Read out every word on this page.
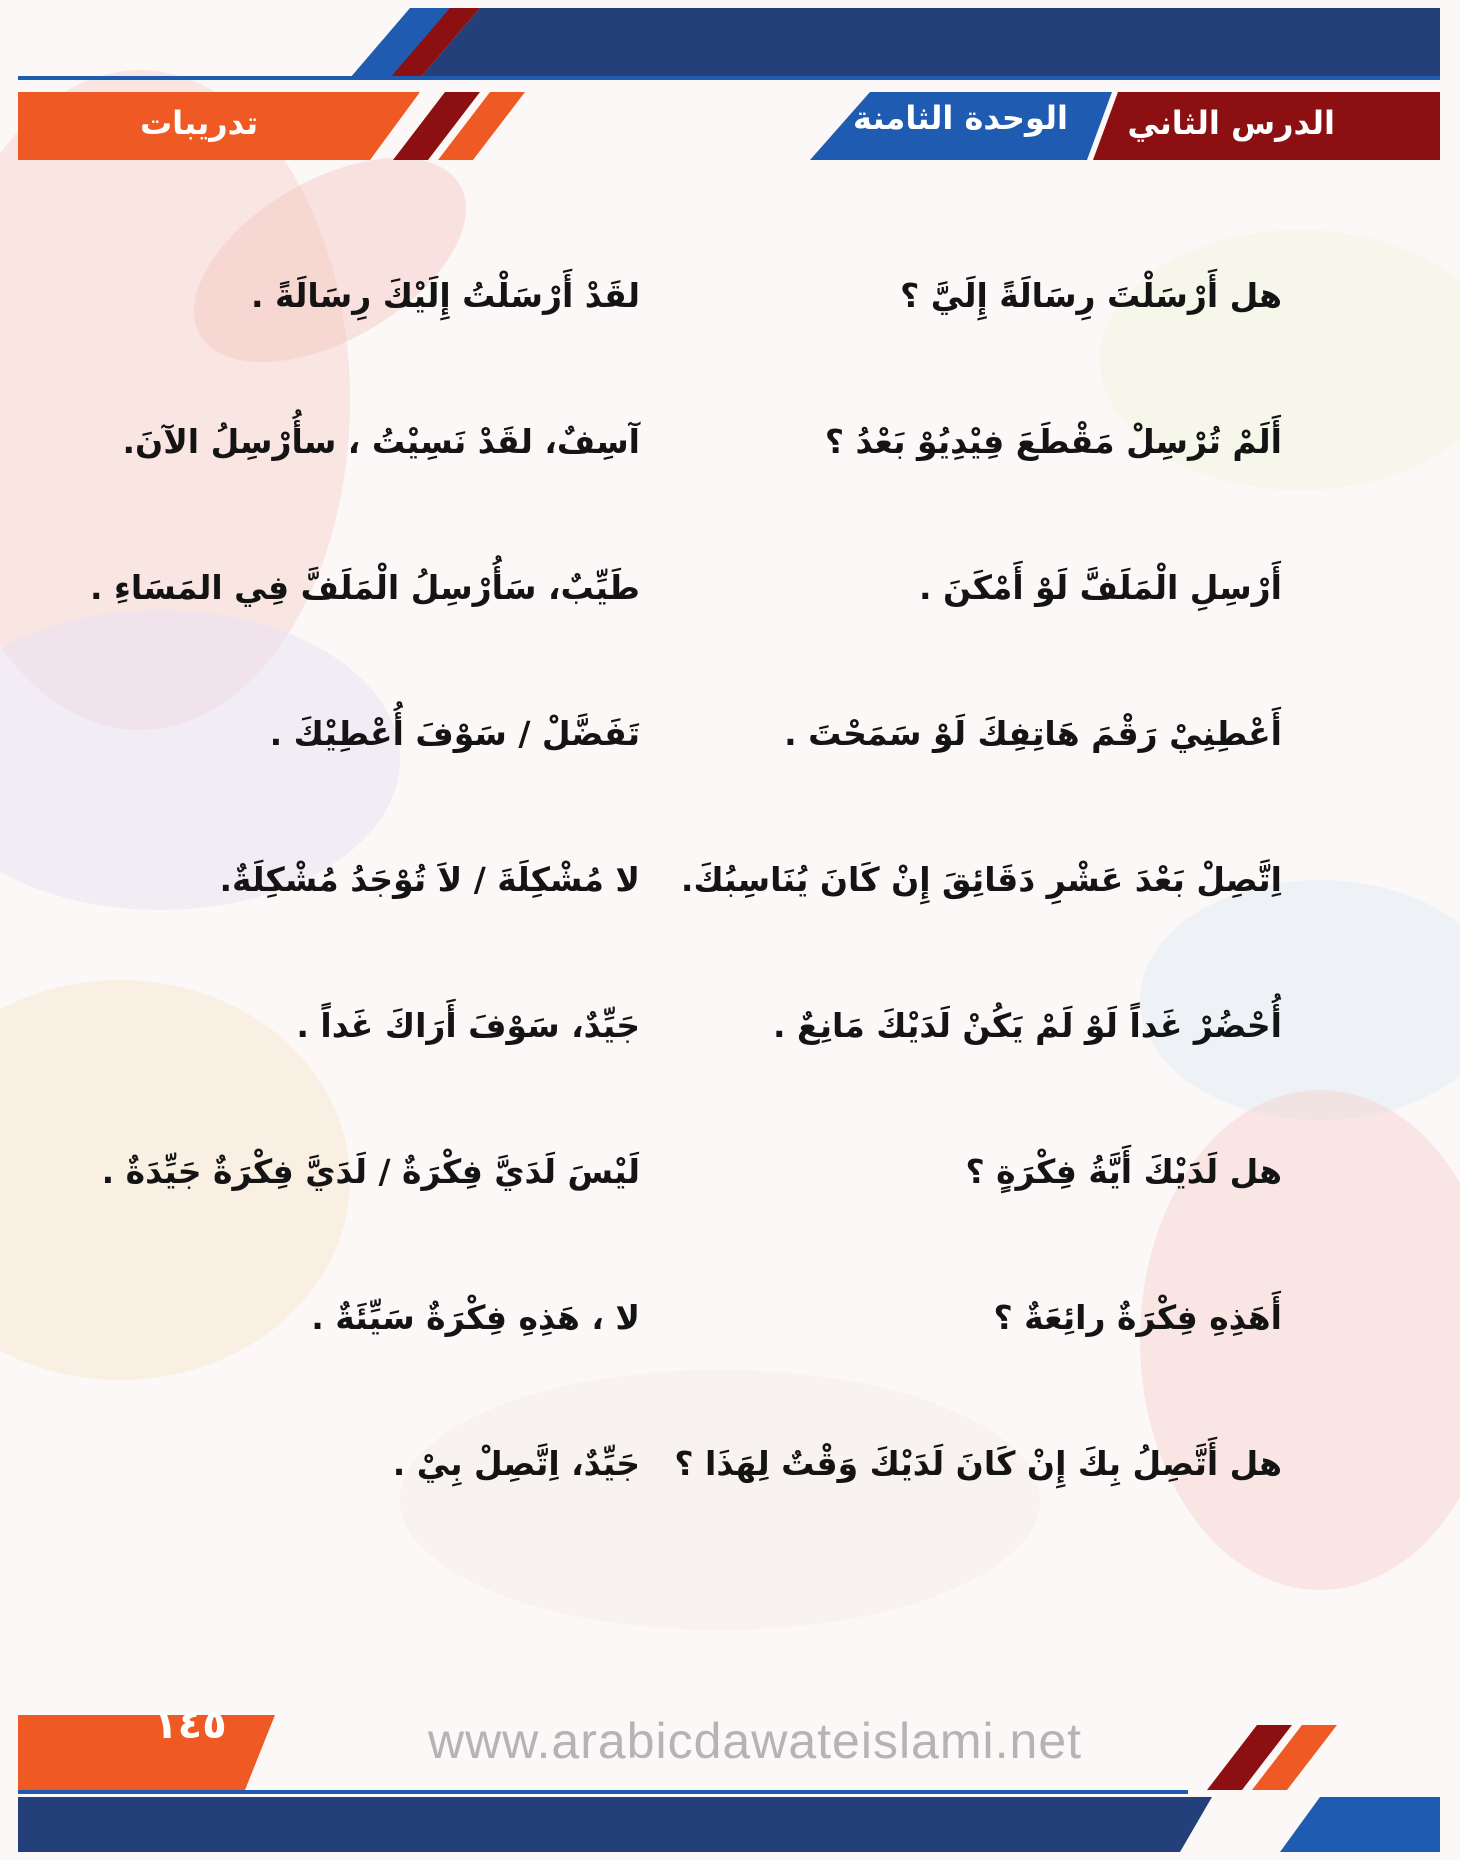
الدرس الثاني
الوحدة الثامنة
تدريبات
هل أَرْسَلْتَ رِسَالَةً إِلَيَّ ؟
لقَدْ أَرْسَلْتُ إِلَيْكَ رِسَالَةً .
أَلَمْ تُرْسِلْ مَقْطَعَ فِيْدِيُوْ بَعْدُ ؟
آسِفٌ، لقَدْ نَسِيْتُ ، سأُرْسِلُ الآنَ.
أَرْسِلِ الْمَلَفَّ لَوْ أَمْكَنَ .
طَيِّبٌ، سَأُرْسِلُ الْمَلَفَّ فِي المَسَاءِ .
أَعْطِنِيْ رَقْمَ هَاتِفِكَ لَوْ سَمَحْتَ .
تَفَضَّلْ / سَوْفَ أُعْطِيْكَ .
اِتَّصِلْ بَعْدَ عَشْرِ دَقَائِقَ إِنْ كَانَ يُنَاسِبُكَ.
لا مُشْكِلَةَ / لاَ تُوْجَدُ مُشْكِلَةٌ.
أُحْضُرْ غَداً لَوْ لَمْ يَكُنْ لَدَيْكَ مَانِعٌ .
جَيِّدٌ، سَوْفَ أَرَاكَ غَداً .
هل لَدَيْكَ أَيَّةُ فِكْرَةٍ ؟
لَيْسَ لَدَيَّ فِكْرَةٌ / لَدَيَّ فِكْرَةٌ جَيِّدَةٌ .
أَهَذِهِ فِكْرَةٌ رائِعَةٌ ؟
لا ، هَذِهِ فِكْرَةٌ سَيِّئَةٌ .
هل أَتَّصِلُ بِكَ إِنْ كَانَ لَدَيْكَ وَقْتٌ لِهَذَا ؟
جَيِّدٌ، اِتَّصِلْ بِيْ .
١٤٥	www.arabicdawateislami.net
